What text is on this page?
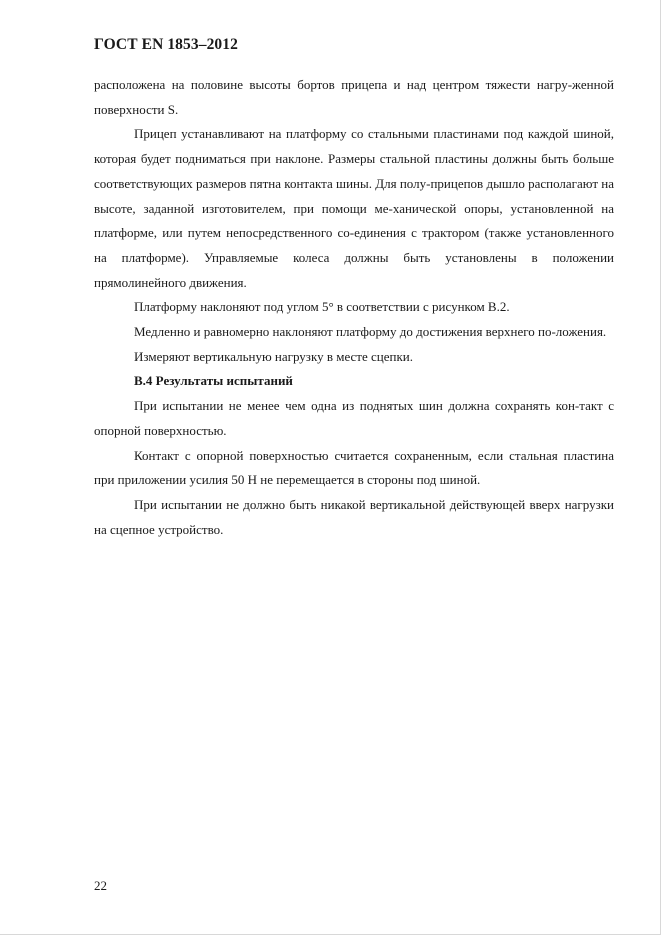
ГОСТ EN 1853–2012

расположена на половине высоты бортов прицепа и над центром тяжести нагру-женной поверхности S.

Прицеп устанавливают на платформу со стальными пластинами под каждой шиной, которая будет подниматься при наклоне. Размеры стальной пластины должны быть больше соответствующих размеров пятна контакта шины. Для полу-прицепов дышло располагают на высоте, заданной изготовителем, при помощи ме-ханической опоры, установленной на платформе, или путем непосредственного со-единения с трактором (также установленного на платформе). Управляемые колеса должны быть установлены в положении прямолинейного движения.

Платформу наклоняют под углом 5° в соответствии с рисунком В.2.

Медленно и равномерно наклоняют платформу до достижения верхнего по-ложения.

Измеряют вертикальную нагрузку в месте сцепки.

В.4 Результаты испытаний

При испытании не менее чем одна из поднятых шин должна сохранять кон-такт с опорной поверхностью.

Контакт с опорной поверхностью считается сохраненным, если стальная пластина при приложении усилия 50 Н не перемещается в стороны под шиной.

При испытании не должно быть никакой вертикальной действующей вверх нагрузки на сцепное устройство.

22
